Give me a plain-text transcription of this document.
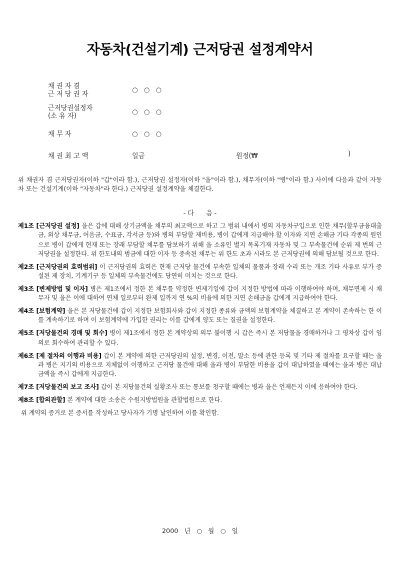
자동차(건설기계) 근저당권 설정계약서
채 권 자 겸
근 저 당 권 자	○ ○ ○
근저당권설정자
(소 유 자)	○ ○ ○
채 무 자	○ ○ ○
채 권 최 고 액	일금	원정(₩	)
위 채권자 겸 근저당권자(이하 "갑"이라 함.), 근저당권 설정자(이하 "을"이라 함.), 채무자(이하 "병"이라 함.) 사이에 다음과 같이 자동차 또는 건설기계(이하 "자동차"라 한다.) 근저당권 설정계약을 체결한다.
- 다      음 -
제1조 [근저당권 설정] 을은 갑에 대해 상기금액을 채무의 최고액으로 하고 그 범위 내에서 병의 자동차구입으로 인한 채무(할부금융대출금, 외상 채무금, 어음금, 수표금, 각서금 등)와 병의 부담할 제비용, 병이 갑에게 지급해야 할 이자와 지연 손해금 기타 각종의 원인으로 병이 갑에게 현재 또는 장래 부담할 채무를 담보하기 위해 을 소유인 별지 목록기재 자동차 및 그 부속물건에 순위 제 번의 근저당권을 설정한다. 위 한도내의 범금에 대한 이자 등 중속된 채무는 위 한도 초과 시라도 본 근저당권에 의해 담보될 것으로 한다.
제2조 [근저당권의 효력범위] 이 근저당권의 효력은 현재 근저당 물건에 부속한 일체의 물품과 장래 수리 또는 개조 기타 사유로 부가 증설된 제 장치, 기계기구 등 일체의 부속물건에도 당연히 미치는 것으로 한다.
제3조 [변제방법 및 이자] 병은 제1조에서 정한 본 채무를 약정한 변제기일에 갑이 지정한 방법에 따라 이행하여야 하며, 채무면제 시 채무자 및 을은 이에 대하여 연체 일로부터 완제 일까지 연 %의 비율에 의한 지연 손해금을 갑에게 지급하여야 한다.
제4조 [보험계약] 을은 본 저당물건에 갑이 지정한 보험회사와 갑이 지정한 종류와 금액의 보험계약을 체결하고 본 계약이 존속하는 한 이를 계속하기로 하며 이 보험계약에 가입한 권리는 이를 갑에게 양도 또는 질권을 설정한다.
제5조 [저당물건의 경매 및 회수] 병이 제1조에서 정한 본 계약상의 의무 불이행 시 갑은 즉시 본 저당물을 경매하거나 그 평차상 갑이 임의로 회수하여 관리할 수 있다.
제6조 [제 절차의 이행과 비용] 갑이 본 계약에 의한 근저당권의 설정, 변경, 이전, 말소 등에 관한 등록 및 기타 제 절차를 요구할 때는 을과 병은 지기의 비용으로 지체없이 이행하고 근저당 물건에 대해 을과 병이 부담한 비용을 갑이 대납하였을 때에는 을과 병은 대납금액을 즉시 갑에게 지급한다.
제7조 [저당물건의 보고 조사] 갑이 본 저당물건의 실황조사 또는 통보를 청구할 때에는 병과 을은 언제든지 이에 응하여야 한다.
제8조 [합의관할] 본 계약에 대한 소송은 수원지방법원을 관할법원으로 한다.
위 계약의 증거로 본 증서를 작성하고 당사자가 기명 날인하여 이를 확인함.
2000 년 ○ 월 ○ 일
